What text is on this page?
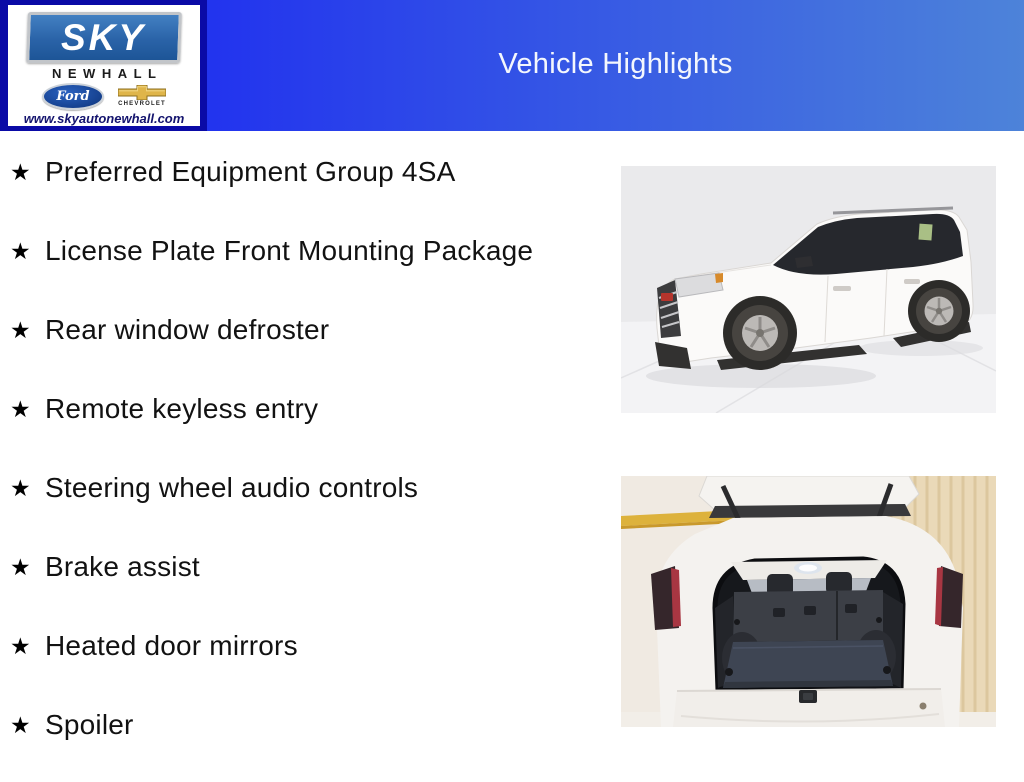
Vehicle Highlights
SKY
NEWHALL
Ford
CHEVROLET
www.skyautonewhall.com
★ Preferred Equipment Group 4SA
★ License Plate Front Mounting Package
★ Rear window defroster
★ Remote keyless entry
★ Steering wheel audio controls
★ Brake assist
★ Heated door mirrors
★ Spoiler
